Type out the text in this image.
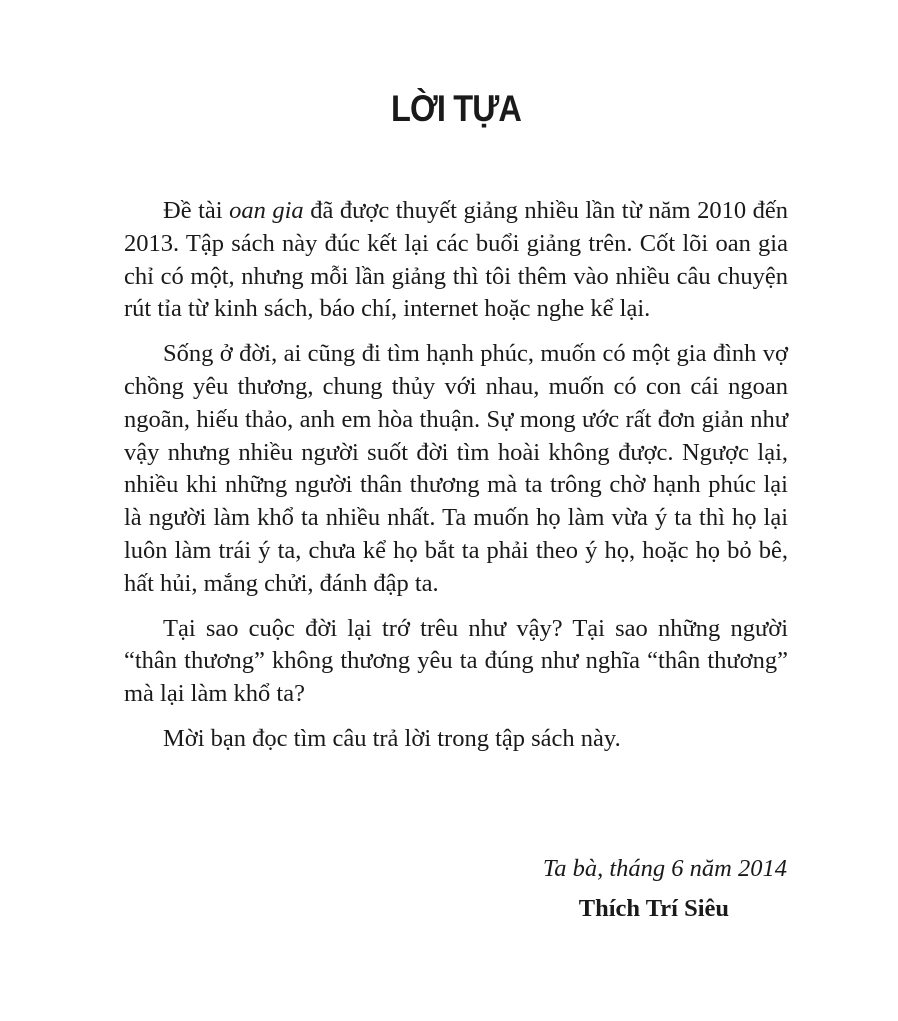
LỜI TỰA

Đề tài oan gia đã được thuyết giảng nhiều lần từ năm 2010 đến 2013. Tập sách này đúc kết lại các buổi giảng trên. Cốt lõi oan gia chỉ có một, nhưng mỗi lần giảng thì tôi thêm vào nhiều câu chuyện rút tỉa từ kinh sách, báo chí, internet hoặc nghe kể lại.

Sống ở đời, ai cũng đi tìm hạnh phúc, muốn có một gia đình vợ chồng yêu thương, chung thủy với nhau, muốn có con cái ngoan ngoãn, hiếu thảo, anh em hòa thuận. Sự mong ước rất đơn giản như vậy nhưng nhiều người suốt đời tìm hoài không được. Ngược lại, nhiều khi những người thân thương mà ta trông chờ hạnh phúc lại là người làm khổ ta nhiều nhất. Ta muốn họ làm vừa ý ta thì họ lại luôn làm trái ý ta, chưa kể họ bắt ta phải theo ý họ, hoặc họ bỏ bê, hất hủi, mắng chửi, đánh đập ta.

Tại sao cuộc đời lại trớ trêu như vậy? Tại sao những người “thân thương” không thương yêu ta đúng như nghĩa “thân thương” mà lại làm khổ ta?

Mời bạn đọc tìm câu trả lời trong tập sách này.

Ta bà, tháng 6 năm 2014
Thích Trí Siêu
